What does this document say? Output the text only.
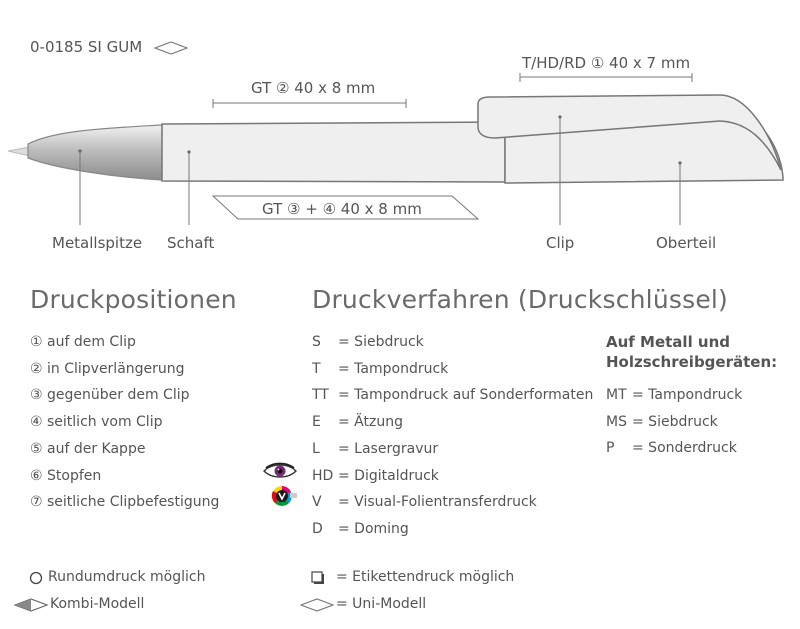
0-0185 SI GUM
GT ② 40 x 8 mm
T/HD/RD ① 40 x 7 mm
GT ③ + ④ 40 x 8 mm
Metallspitze Schaft	Clip	Oberteil
Druckpositionen
① auf dem Clip
② in Clipverlängerung
③ gegenüber dem Clip
④ seitlich vom Clip
⑤ auf der Kappe
⑥ Stopfen
⑦ seitliche Clipbefestigung
Druckverfahren (Druckschlüssel)
S = Siebdruck
T = Tampondruck
TT = Tampondruck auf Sonderformaten
E = Ätzung
L = Lasergravur
HD = Digitaldruck
V = Visual-Folientransferdruck
D = Doming
Auf Metall und
Holzschreibgeräten:
MT = Tampondruck
MS = Siebdruck
P = Sonderdruck
Rundumdruck möglich	= Etikettendruck möglich
Kombi-Modell	= Uni-Modell
